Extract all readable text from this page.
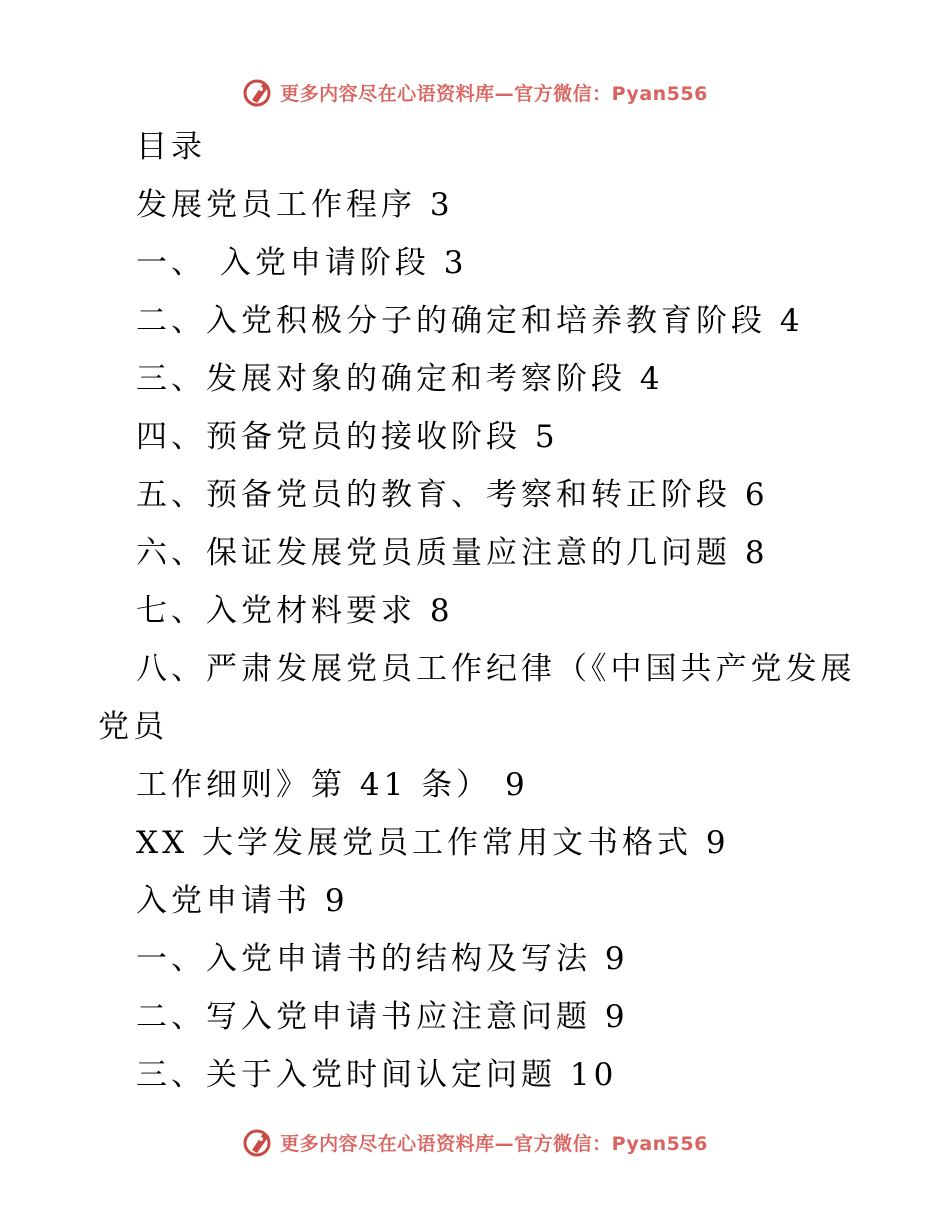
更多内容尽在心语资料库—官方微信：Pyan556
目录
发展党员工作程序 3
一、 入党申请阶段 3
二、入党积极分子的确定和培养教育阶段 4
三、发展对象的确定和考察阶段 4
四、预备党员的接收阶段 5
五、预备党员的教育、考察和转正阶段 6
六、保证发展党员质量应注意的几问题 8
七、入党材料要求 8
八、严肃发展党员工作纪律（《中国共产党发展
党员
工作细则》第 41 条） 9
XX 大学发展党员工作常用文书格式 9
入党申请书 9
一、入党申请书的结构及写法 9
二、写入党申请书应注意问题 9
三、关于入党时间认定问题 10
更多内容尽在心语资料库—官方微信：Pyan556
